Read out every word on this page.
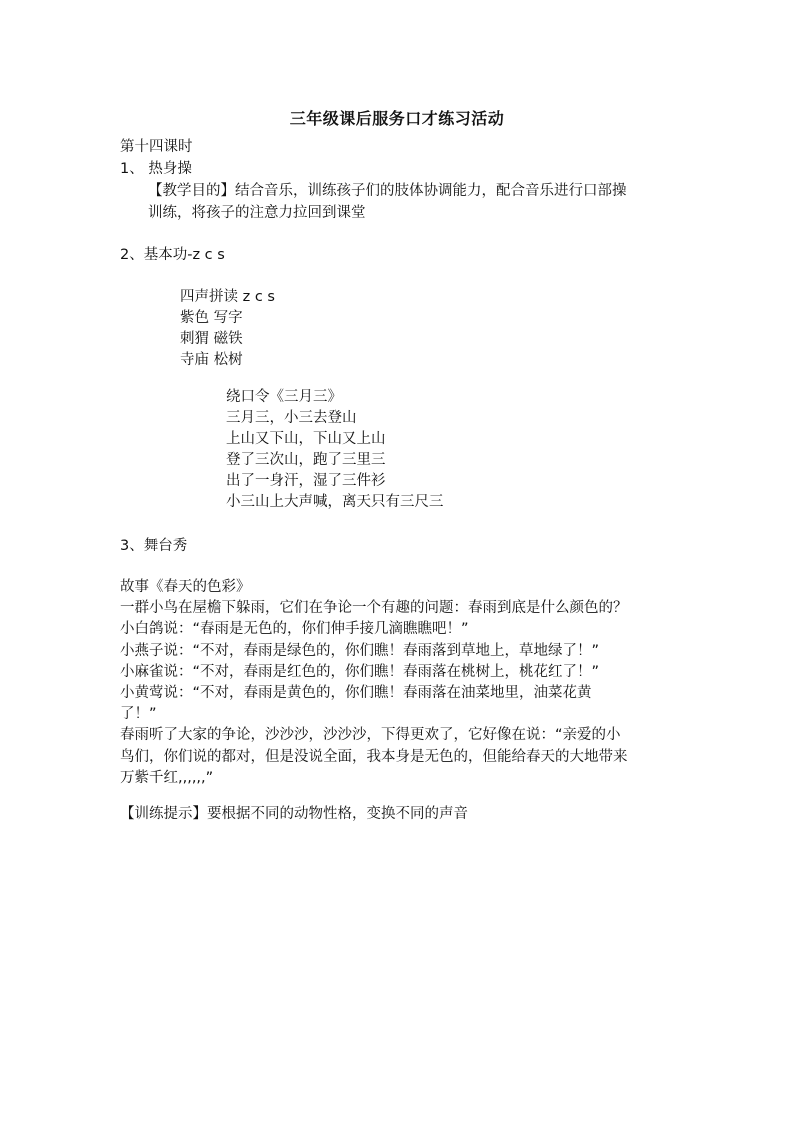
三年级课后服务口才练习活动
第十四课时
1、 热身操
【教学目的】结合音乐，训练孩子们的肢体协调能力，配合音乐进行口部操
训练，将孩子的注意力拉回到课堂
2、基本功-z c s
四声拼读 z c s
紫色 写字
刺猬 磁铁
寺庙 松树
绕口令《三月三》
三月三，小三去登山
上山又下山，下山又上山
登了三次山，跑了三里三
出了一身汗，湿了三件衫
小三山上大声喊，离天只有三尺三
3、舞台秀
故事《春天的色彩》
一群小鸟在屋檐下躲雨，它们在争论一个有趣的问题：春雨到底是什么颜色的？
小白鸽说：“春雨是无色的，你们伸手接几滴瞧瞧吧！”
小燕子说：“不对，春雨是绿色的，你们瞧！春雨落到草地上，草地绿了！”
小麻雀说：“不对，春雨是红色的，你们瞧！春雨落在桃树上，桃花红了！”
小黄莺说：“不对，春雨是黄色的，你们瞧！春雨落在油菜地里，油菜花黄
了！”
春雨听了大家的争论，沙沙沙，沙沙沙，下得更欢了，它好像在说：“亲爱的小
鸟们，你们说的都对，但是没说全面，我本身是无色的，但能给春天的大地带来
万紫千红,,,,,,”
【训练提示】要根据不同的动物性格，变换不同的声音
